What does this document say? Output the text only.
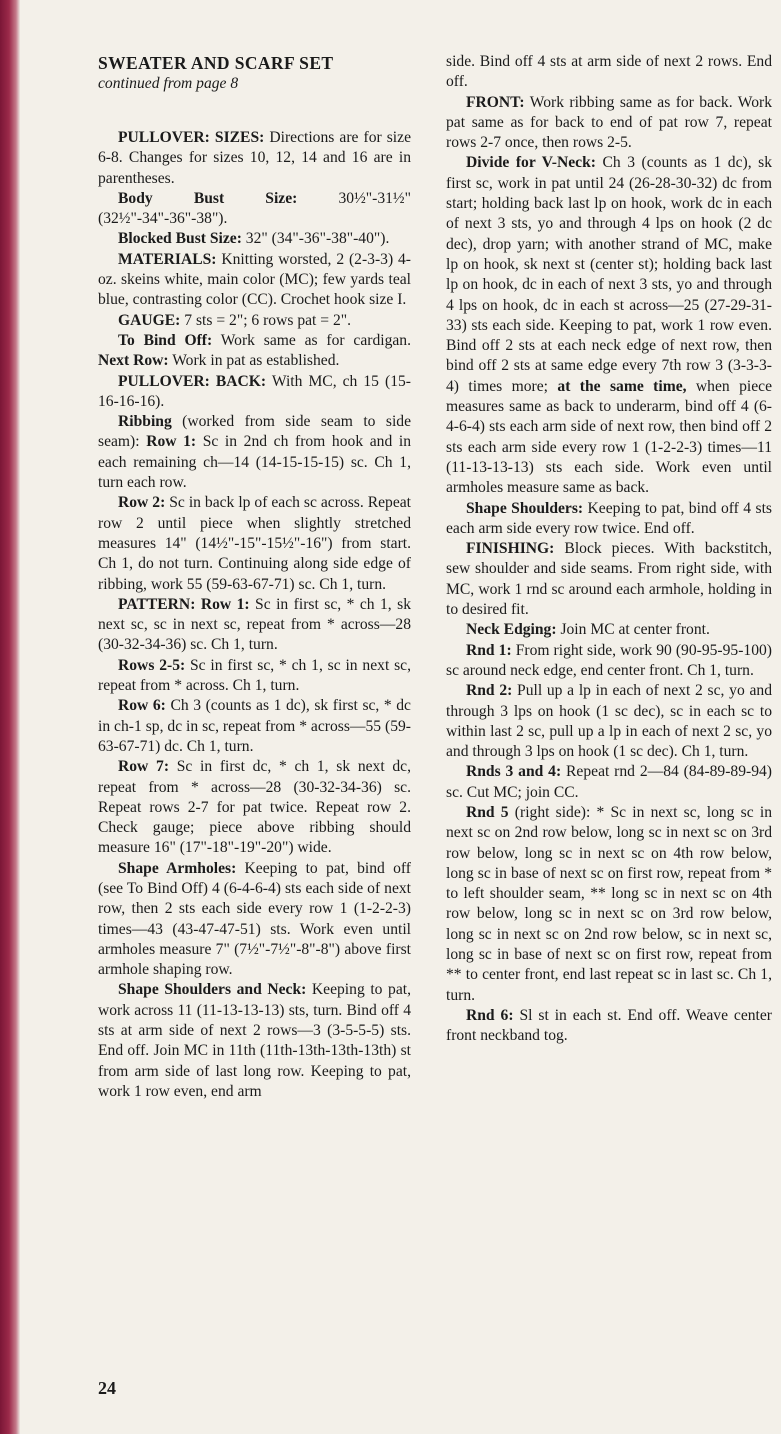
SWEATER AND SCARF SET
continued from page 8

PULLOVER: SIZES: Directions are for size 6-8. Changes for sizes 10, 12, 14 and 16 are in parentheses.

Body Bust Size: 30½"-31½" (32½"-34"-36"-38").

Blocked Bust Size: 32" (34"-36"-38"-40").

MATERIALS: Knitting worsted, 2 (2-3-3) 4-oz. skeins white, main color (MC); few yards teal blue, contrasting color (CC). Crochet hook size I.

GAUGE: 7 sts = 2"; 6 rows pat = 2".

To Bind Off: Work same as for cardigan. Next Row: Work in pat as established.

PULLOVER: BACK: With MC, ch 15 (15-16-16-16).

Ribbing (worked from side seam to side seam): Row 1: Sc in 2nd ch from hook and in each remaining ch—14 (14-15-15-15) sc. Ch 1, turn each row.

Row 2: Sc in back lp of each sc across. Repeat row 2 until piece when slightly stretched measures 14" (14½"-15"-15½"-16") from start. Ch 1, do not turn. Continuing along side edge of ribbing, work 55 (59-63-67-71) sc. Ch 1, turn.

PATTERN: Row 1: Sc in first sc, * ch 1, sk next sc, sc in next sc, repeat from * across—28 (30-32-34-36) sc. Ch 1, turn.

Rows 2-5: Sc in first sc, * ch 1, sc in next sc, repeat from * across. Ch 1, turn.

Row 6: Ch 3 (counts as 1 dc), sk first sc, * dc in ch-1 sp, dc in sc, repeat from * across—55 (59-63-67-71) dc. Ch 1, turn.

Row 7: Sc in first dc, * ch 1, sk next dc, repeat from * across—28 (30-32-34-36) sc. Repeat rows 2-7 for pat twice. Repeat row 2. Check gauge; piece above ribbing should measure 16" (17"-18"-19"-20") wide.

Shape Armholes: Keeping to pat, bind off (see To Bind Off) 4 (6-4-6-4) sts each side of next row, then 2 sts each side every row 1 (1-2-2-3) times—43 (43-47-47-51) sts. Work even until armholes measure 7" (7½"-7½"-8"-8") above first armhole shaping row.

Shape Shoulders and Neck: Keeping to pat, work across 11 (11-13-13-13) sts, turn. Bind off 4 sts at arm side of next 2 rows—3 (3-5-5-5) sts. End off. Join MC in 11th (11th-13th-13th-13th) st from arm side of last long row. Keeping to pat, work 1 row even, end arm

side. Bind off 4 sts at arm side of next 2 rows. End off.

FRONT: Work ribbing same as for back. Work pat same as for back to end of pat row 7, repeat rows 2-7 once, then rows 2-5.

Divide for V-Neck: Ch 3 (counts as 1 dc), sk first sc, work in pat until 24 (26-28-30-32) dc from start; holding back last lp on hook, work dc in each of next 3 sts, yo and through 4 lps on hook (2 dc dec), drop yarn; with another strand of MC, make lp on hook, sk next st (center st); holding back last lp on hook, dc in each of next 3 sts, yo and through 4 lps on hook, dc in each st across—25 (27-29-31-33) sts each side. Keeping to pat, work 1 row even. Bind off 2 sts at each neck edge of next row, then bind off 2 sts at same edge every 7th row 3 (3-3-3-4) times more; at the same time, when piece measures same as back to underarm, bind off 4 (6-4-6-4) sts each arm side of next row, then bind off 2 sts each arm side every row 1 (1-2-2-3) times—11 (11-13-13-13) sts each side. Work even until armholes measure same as back.

Shape Shoulders: Keeping to pat, bind off 4 sts each arm side every row twice. End off.

FINISHING: Block pieces. With backstitch, sew shoulder and side seams. From right side, with MC, work 1 rnd sc around each armhole, holding in to desired fit.

Neck Edging: Join MC at center front.

Rnd 1: From right side, work 90 (90-95-95-100) sc around neck edge, end center front. Ch 1, turn.

Rnd 2: Pull up a lp in each of next 2 sc, yo and through 3 lps on hook (1 sc dec), sc in each sc to within last 2 sc, pull up a lp in each of next 2 sc, yo and through 3 lps on hook (1 sc dec). Ch 1, turn.

Rnds 3 and 4: Repeat rnd 2—84 (84-89-89-94) sc. Cut MC; join CC.

Rnd 5 (right side): * Sc in next sc, long sc in next sc on 2nd row below, long sc in next sc on 3rd row below, long sc in next sc on 4th row below, long sc in base of next sc on first row, repeat from * to left shoulder seam, ** long sc in next sc on 4th row below, long sc in next sc on 3rd row below, long sc in next sc on 2nd row below, sc in next sc, long sc in base of next sc on first row, repeat from ** to center front, end last repeat sc in last sc. Ch 1, turn.

Rnd 6: Sl st in each st. End off. Weave center front neckband tog.

24
